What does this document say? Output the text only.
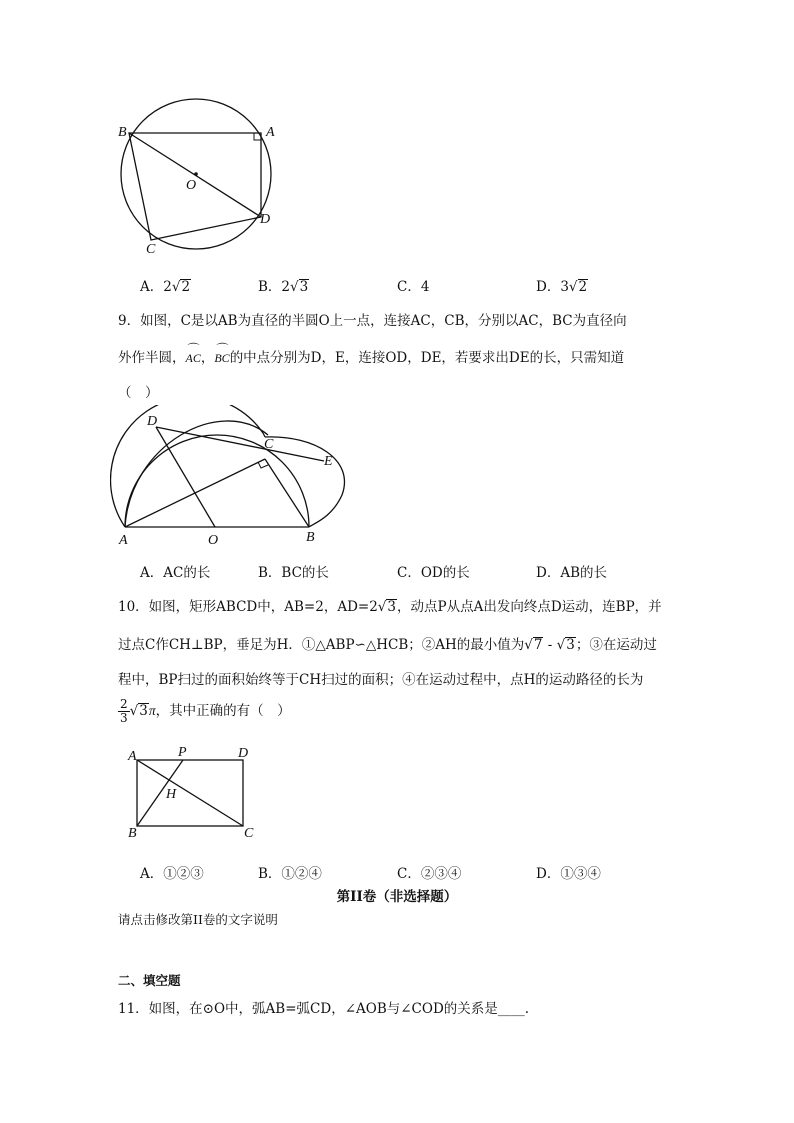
B	A
O
C
D
A．2√2	B．2√3	C．4	D．3√2
9．如图，C是以AB为直径的半圆O上一点，连接AC，CB，分别以AC，BC为直径向
外作半圆，⌒ AC，⌒ BC的中点分别为D，E，连接OD，DE，若要求出DE的长，只需知道
（　）
D
C
E
A	O	B
A．AC的长	B．BC的长	C．OD的长	D．AB的长
10．如图，矩形ABCD中，AB=2，AD=2√3，动点P从点A出发向终点D运动，连BP，并
过点C作CH⊥BP，垂足为H．①△ABP∽△HCB；②AH的最小值为√7 - √3；③在运动过
程中，BP扫过的面积始终等于CH扫过的面积；④在运动过程中，点H的运动路径的长为
$\frac{2}{3} √3\pi$，其中正确的有（　）
A	P	D
H
B	C
A．①②③	B．①②④	C．②③④	D．①③④
第II卷（非选择题）
请点击修改第II卷的文字说明
二、填空题
11．如图，在⊙O中，弧AB=弧CD，∠AOB与∠COD的关系是____.
